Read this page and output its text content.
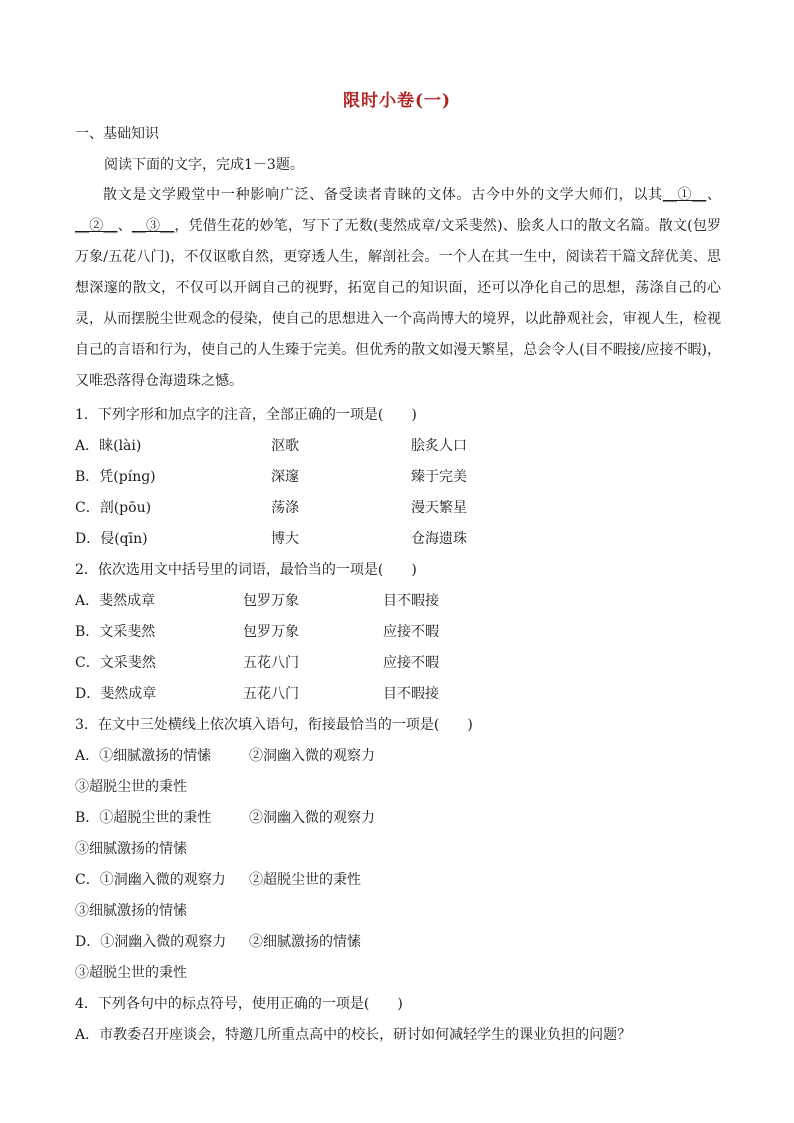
限时小卷(一)
一、基础知识
阅读下面的文字，完成1－3题。
散文是文学殿堂中一种影响广泛、备受读者青睐的文体。古今中外的文学大师们，以其__①__、__②__、__③__，凭借生花的妙笔，写下了无数(斐然成章/文采斐然)、脍炙人口的散文名篇。散文(包罗万象/五花八门)，不仅讴歌自然，更穿透人生，解剖社会。一个人在其一生中，阅读若干篇文辞优美、思想深邃的散文，不仅可以开阔自己的视野，拓宽自己的知识面，还可以净化自己的思想，荡涤自己的心灵，从而摆脱尘世观念的侵染，使自己的思想进入一个高尚博大的境界，以此静观社会，审视人生，检视自己的言语和行为，使自己的人生臻于完美。但优秀的散文如漫天繁星，总会令人(目不暇接/应接不暇)，又唯恐落得仓海遗珠之憾。
1．下列字形和加点字的注音，全部正确的一项是(　　)
A．睐(lài)	沤歌	脍炙人口
B．凭(pínɡ)	深邃	臻于完美
C．剖(pōu)	荡涤	漫天繁星
D．侵(qīn)	博大	仓海遗珠
2．依次选用文中括号里的词语，最恰当的一项是(　　)
A．斐然成章	包罗万象	目不暇接
B．文采斐然	包罗万象	应接不暇
C．文采斐然	五花八门	应接不暇
D．斐然成章	五花八门	目不暇接
3．在文中三处横线上依次填入语句，衔接最恰当的一项是(　　)
A．①细腻激扬的情愫	②洞幽入微的观察力
③超脱尘世的秉性
B．①超脱尘世的秉性	②洞幽入微的观察力
③细腻激扬的情愫
C．①洞幽入微的观察力 ②超脱尘世的秉性
③细腻激扬的情愫
D．①洞幽入微的观察力 ②细腻激扬的情愫
③超脱尘世的秉性
4．下列各句中的标点符号，使用正确的一项是(　　)
A．市教委召开座谈会，特邀几所重点高中的校长，研讨如何减轻学生的课业负担的问题？
